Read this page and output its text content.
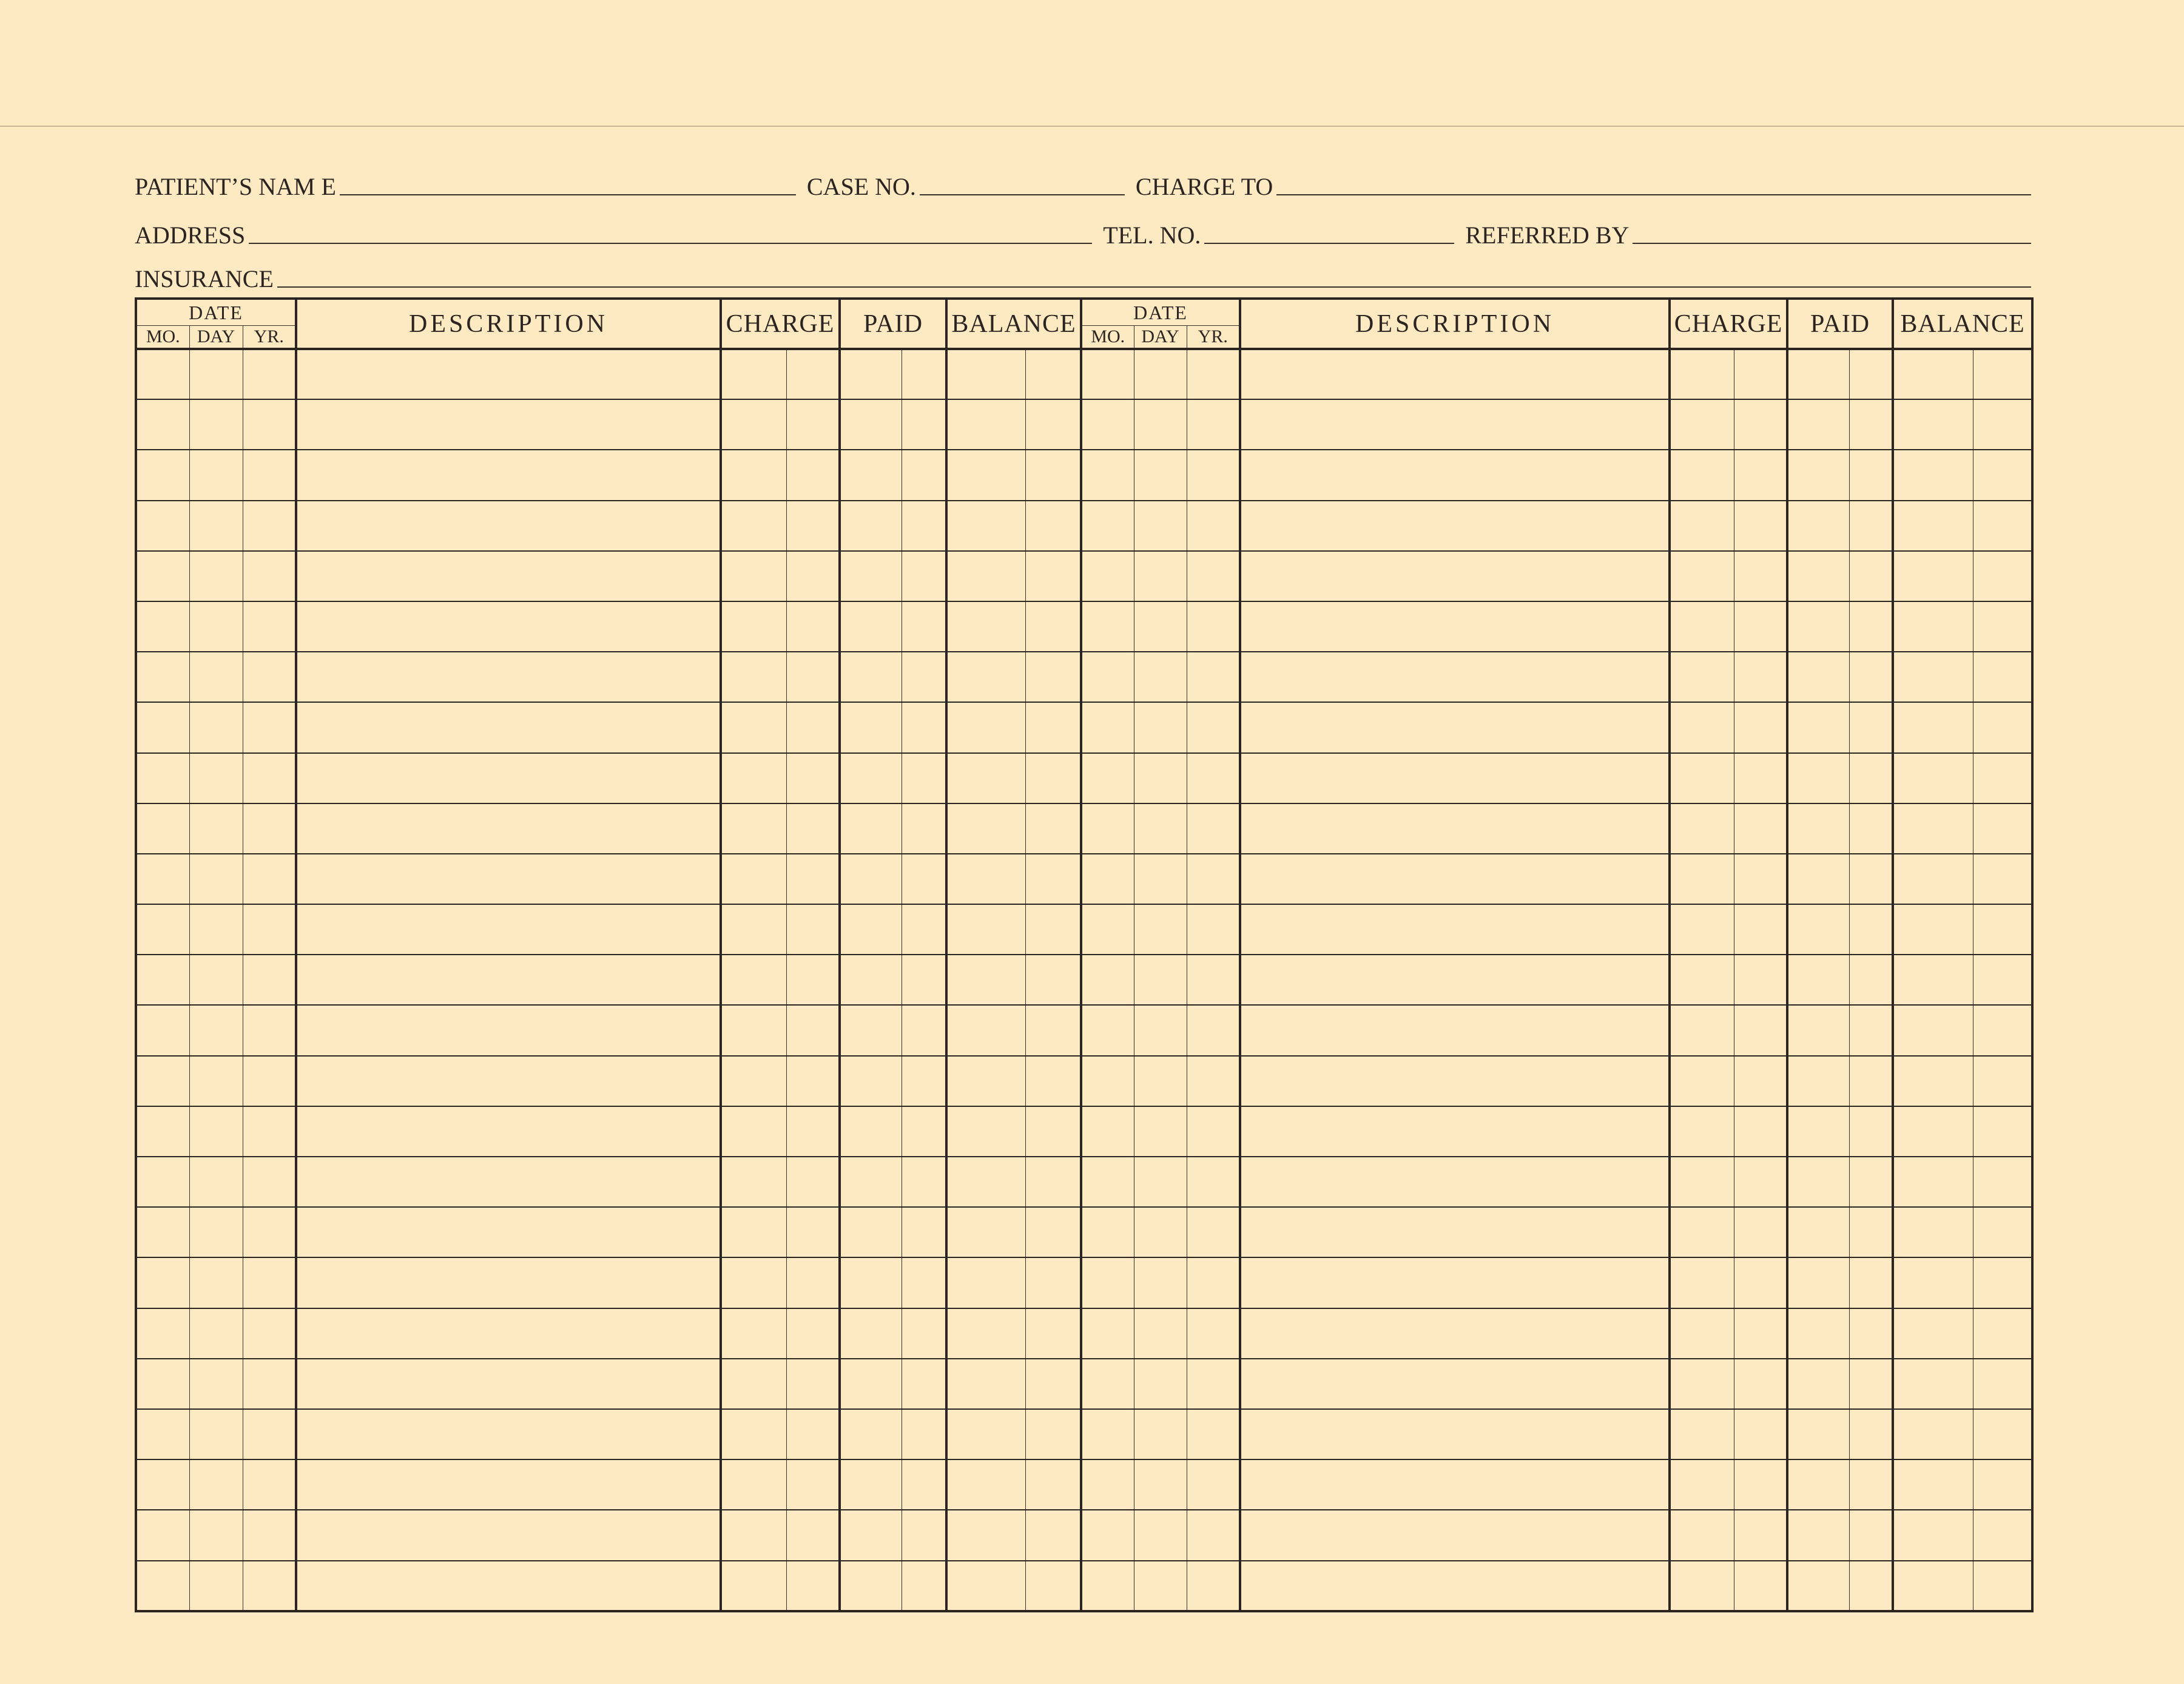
PATIENT’S NAM E	CASE NO.	CHARGE TO
ADDRESS	TEL. NO.	REFERRED BY
INSURANCE
DATE			DESCRIPTION	CHARGE		PAID		BALANCE		DATE			DESCRIPTION	CHARGE		PAID		BALANCE	
MO.	DAY	YR.								MO.	DAY	YR.							
